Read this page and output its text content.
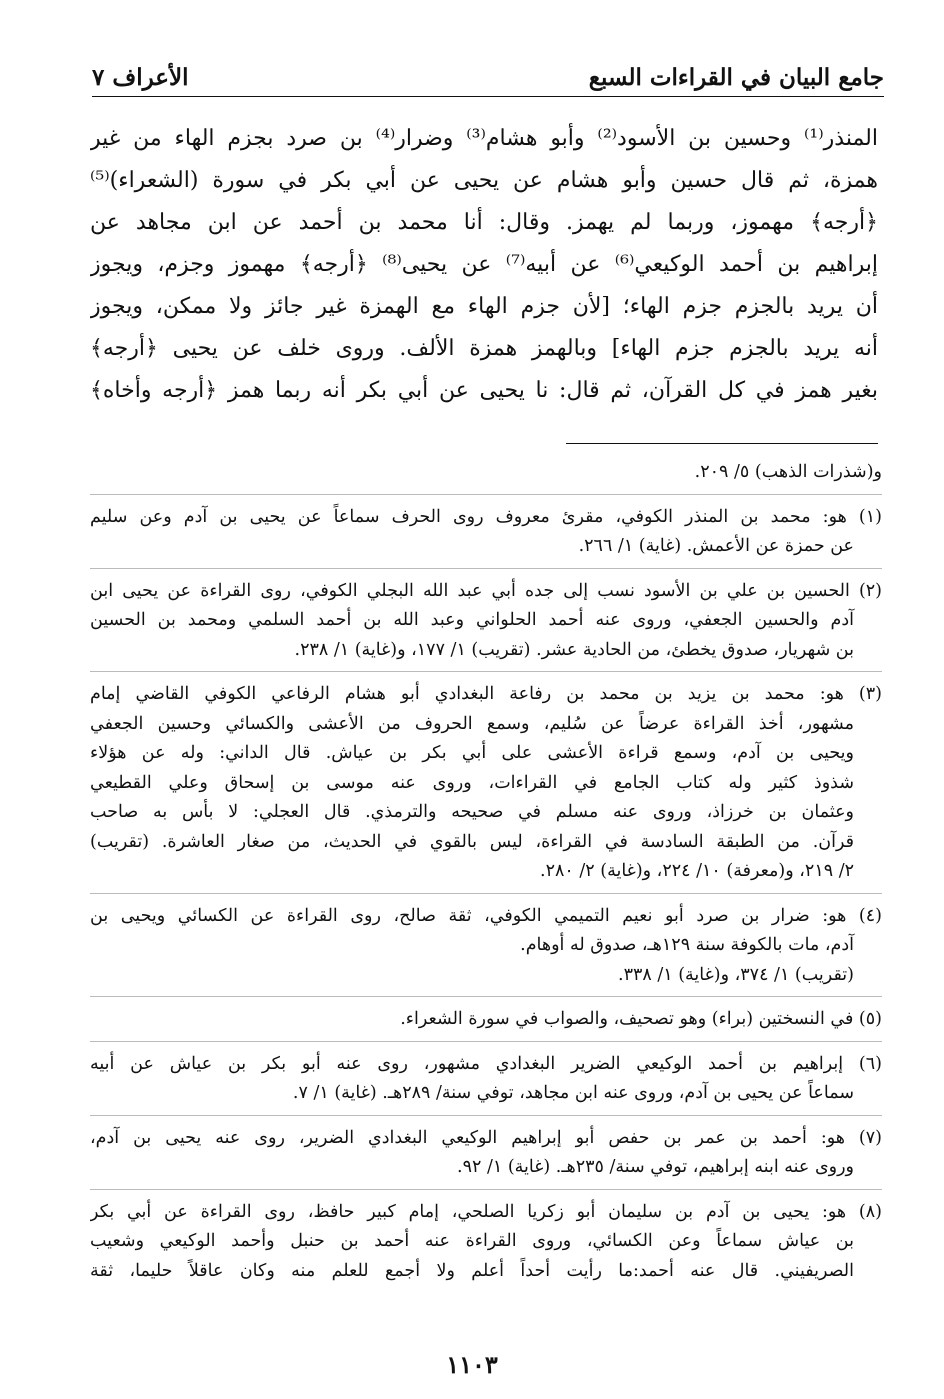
جامع البيان في القراءات السبع
الأعراف ٧
المنذر⁽¹⁾ وحسين بن الأسود⁽²⁾ وأبو هشام⁽³⁾ وضرار⁽⁴⁾ بن صرد بجزم الهاء من غير
همزة، ثم قال حسين وأبو هشام عن يحيى عن أبي بكر في سورة (الشعراء)⁽⁵⁾
﴿أرجه﴾ مهموز، وربما لم يهمز. وقال: أنا محمد بن أحمد عن ابن مجاهد عن
إبراهيم بن أحمد الوكيعي⁽⁶⁾ عن أبيه⁽⁷⁾ عن يحيى⁽⁸⁾ ﴿أرجه﴾ مهموز وجزم، ويجوز
أن يريد بالجزم جزم الهاء؛ [لأن جزم الهاء مع الهمزة غير جائز ولا ممكن، ويجوز
أنه يريد بالجزم جزم الهاء] وبالهمز همزة الألف. وروى خلف عن يحيى ﴿أرجه﴾
بغير همز في كل القرآن، ثم قال: نا يحيى عن أبي بكر أنه ربما همز ﴿أرجه وأخاه﴾
و(شذرات الذهب) ٥/ ٢٠٩.
(١) هو: محمد بن المنذر الكوفي، مقرئ معروف روى الحرف سماعاً عن يحيى بن آدم وعن سليم
عن حمزة عن الأعمش. (غاية) ١/ ٢٦٦.
(٢) الحسين بن علي بن الأسود نسب إلى جده أبي عبد الله البجلي الكوفي، روى القراءة عن يحيى ابن
آدم والحسين الجعفي، وروى عنه أحمد الحلواني وعبد الله بن أحمد السلمي ومحمد بن الحسين
بن شهريار، صدوق يخطئ، من الحادية عشر. (تقريب) ١/ ١٧٧، و(غاية) ١/ ٢٣٨.
(٣) هو: محمد بن يزيد بن محمد بن رفاعة البغدادي أبو هشام الرفاعي الكوفي القاضي إمام
مشهور، أخذ القراءة عرضاً عن سُليم، وسمع الحروف من الأعشى والكسائي وحسين الجعفي
ويحيى بن آدم، وسمع قراءة الأعشى على أبي بكر بن عياش. قال الداني: وله عن هؤلاء
شذوذ كثير وله كتاب الجامع في القراءات، وروى عنه موسى بن إسحاق وعلي القطيعي
وعثمان بن خرزاذ، وروى عنه مسلم في صحيحه والترمذي. قال العجلي: لا بأس به صاحب
قرآن. من الطبقة السادسة في القراءة، ليس بالقوي في الحديث، من صغار العاشرة. (تقريب)
٢/ ٢١٩، و(معرفة) ١٠/ ٢٢٤، و(غاية) ٢/ ٢٨٠.
(٤) هو: ضرار بن صرد أبو نعيم التميمي الكوفي، ثقة صالح، روى القراءة عن الكسائي ويحيى بن
آدم، مات بالكوفة سنة ١٢٩هـ، صدوق له أوهام.
(تقريب) ١/ ٣٧٤، و(غاية) ١/ ٣٣٨.
(٥) في النسختين (براء) وهو تصحيف، والصواب في سورة الشعراء.
(٦) إبراهيم بن أحمد الوكيعي الضرير البغدادي مشهور، روى عنه أبو بكر بن عياش عن أبيه
سماعاً عن يحيى بن آدم، وروى عنه ابن مجاهد، توفي سنة/ ٢٨٩هـ. (غاية) ١/ ٧.
(٧) هو: أحمد بن عمر بن حفص أبو إبراهيم الوكيعي البغدادي الضرير، روى عنه يحيى بن آدم،
وروى عنه ابنه إبراهيم، توفي سنة/ ٢٣٥هـ. (غاية) ١/ ٩٢.
(٨) هو: يحيى بن آدم بن سليمان أبو زكريا الصلحي، إمام كبير حافظ، روى القراءة عن أبي بكر
بن عياش سماعاً وعن الكسائي، وروى القراءة عنه أحمد بن حنبل وأحمد الوكيعي وشعيب
الصريفيني. قال عنه أحمد:ما رأيت أحداً أعلم ولا أجمع للعلم منه وكان عاقلاً حليما، ثقة
١١٠٣
